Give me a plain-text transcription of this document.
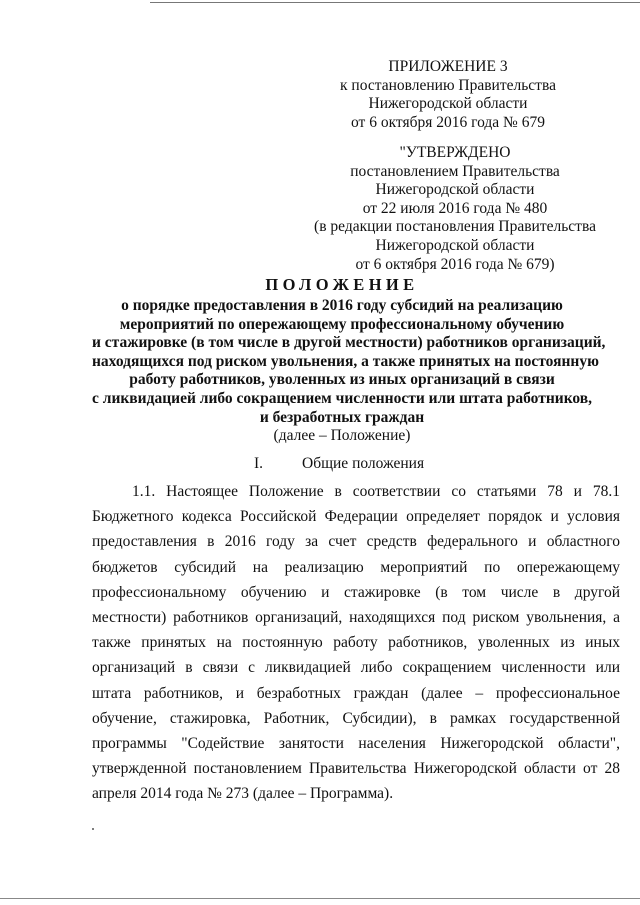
ПРИЛОЖЕНИЕ 3
к постановлению Правительства
Нижегородской области
от 6 октября 2016 года № 679
"УТВЕРЖДЕНО
постановлением Правительства
Нижегородской области
от 22 июля 2016 года № 480
(в редакции постановления Правительства
Нижегородской области
от 6 октября 2016 года № 679)
ПОЛОЖЕНИЕ
о порядке предоставления в 2016 году субсидий на реализацию
мероприятий по опережающему профессиональному обучению
и стажировке (в том числе в другой местности) работников организаций,
находящихся под риском увольнения, а также принятых на постоянную
работу работников, уволенных из иных организаций в связи
с ликвидацией либо сокращением численности или штата работников,
и безработных граждан
(далее – Положение)
I.	Общие положения
1.1. Настоящее Положение в соответствии со статьями 78 и 78.1
Бюджетного кодекса Российской Федерации определяет порядок и условия
предоставления в 2016 году за счет средств федерального и областного
бюджетов субсидий на реализацию мероприятий по опережающему
профессиональному обучению и стажировке (в том числе в другой
местности) работников организаций, находящихся под риском увольнения, а
также принятых на постоянную работу работников, уволенных из иных
организаций в связи с ликвидацией либо сокращением численности или
штата работников, и безработных граждан (далее – профессиональное
обучение, стажировка, Работник, Субсидии), в рамках государственной
программы "Содействие занятости населения Нижегородской области",
утвержденной постановлением Правительства Нижегородской области от 28
апреля 2014 года № 273 (далее – Программа).
